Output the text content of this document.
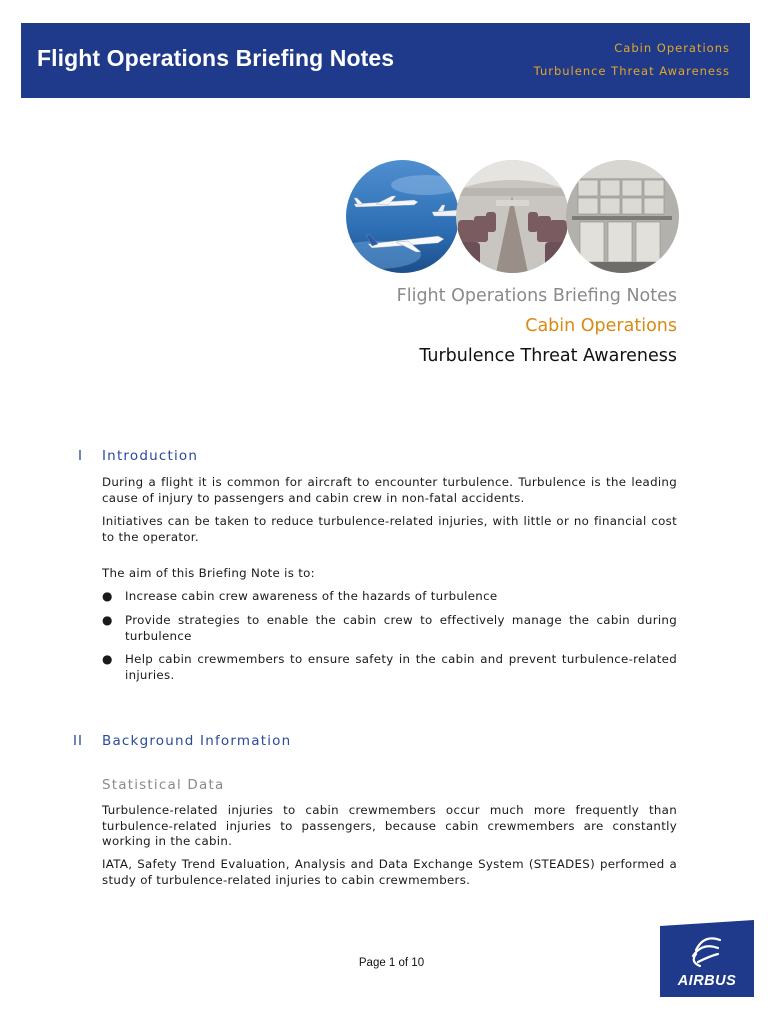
Flight Operations Briefing Notes	Cabin Operations
Turbulence Threat Awareness
Flight Operations Briefing Notes
Cabin Operations
Turbulence Threat Awareness
I Introduction
During a flight it is common for aircraft to encounter turbulence. Turbulence is the leading cause of injury to passengers and cabin crew in non-fatal accidents.
Initiatives can be taken to reduce turbulence-related injuries, with little or no financial cost to the operator.
The aim of this Briefing Note is to:
● Increase cabin crew awareness of the hazards of turbulence
● Provide strategies to enable the cabin crew to effectively manage the cabin during turbulence
● Help cabin crewmembers to ensure safety in the cabin and prevent turbulence-related injuries.
II Background Information
Statistical Data
Turbulence-related injuries to cabin crewmembers occur much more frequently than turbulence-related injuries to passengers, because cabin crewmembers are constantly working in the cabin.
IATA, Safety Trend Evaluation, Analysis and Data Exchange System (STEADES) performed a study of turbulence-related injuries to cabin crewmembers.
Page 1 of 10
AIRBUS
